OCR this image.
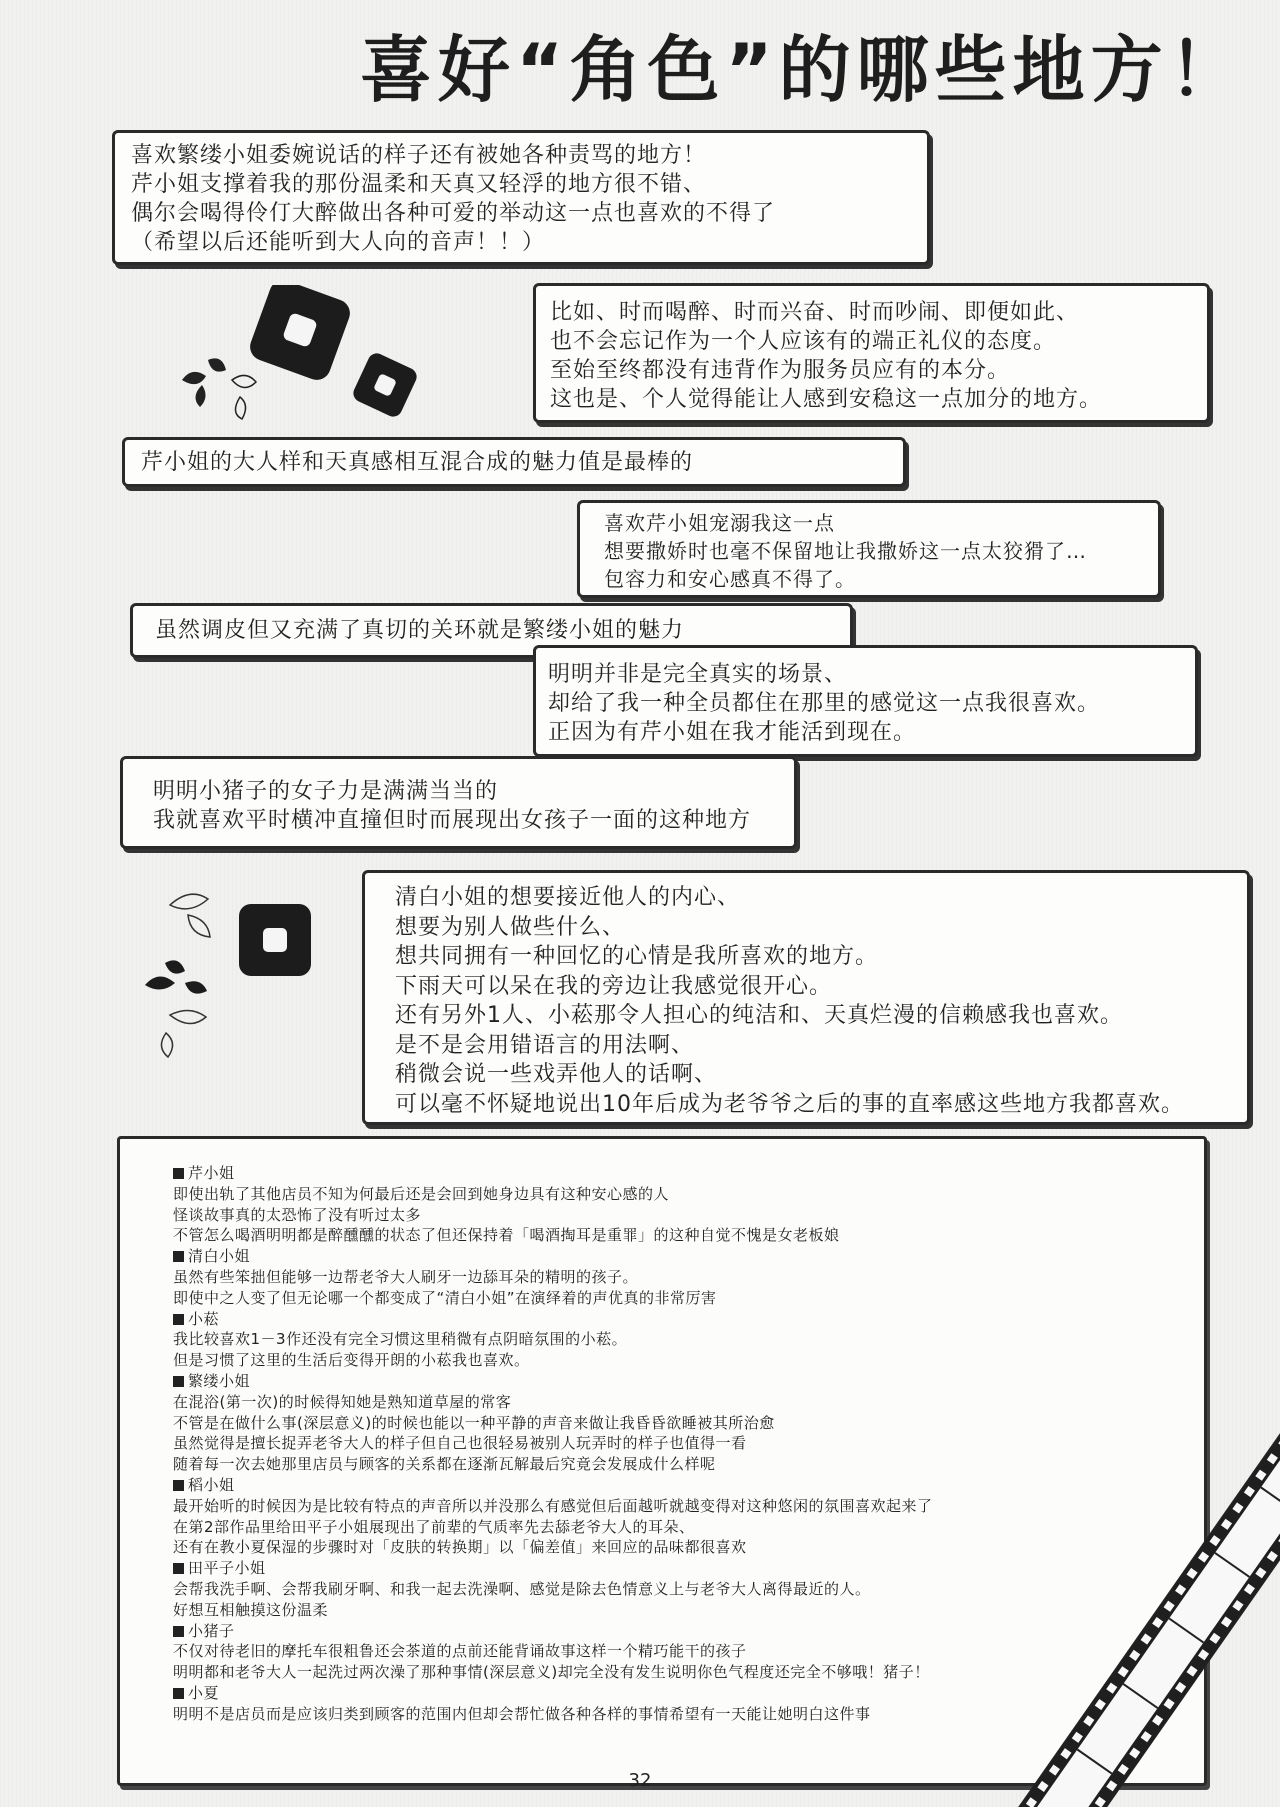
喜好“角色”的哪些地方！
喜欢繁缕小姐委婉说话的样子还有被她各种责骂的地方！
芹小姐支撑着我的那份温柔和天真又轻浮的地方很不错、
偶尔会喝得伶仃大醉做出各种可爱的举动这一点也喜欢的不得了
（希望以后还能听到大人向的音声！！）
比如、时而喝醉、时而兴奋、时而吵闹、即便如此、
也不会忘记作为一个人应该有的端正礼仪的态度。
至始至终都没有违背作为服务员应有的本分。
这也是、个人觉得能让人感到安稳这一点加分的地方。
芹小姐的大人样和天真感相互混合成的魅力值是最棒的
喜欢芹小姐宠溺我这一点
想要撒娇时也毫不保留地让我撒娇这一点太狡猾了…
包容力和安心感真不得了。
虽然调皮但又充满了真切的关环就是繁缕小姐的魅力
明明并非是完全真实的场景、
却给了我一种全员都住在那里的感觉这一点我很喜欢。
正因为有芹小姐在我才能活到现在。
明明小猪子的女子力是满满当当的
我就喜欢平时横冲直撞但时而展现出女孩子一面的这种地方
清白小姐的想要接近他人的内心、
想要为别人做些什么、
想共同拥有一种回忆的心情是我所喜欢的地方。
下雨天可以呆在我的旁边让我感觉很开心。
还有另外1人、小菘那令人担心的纯洁和、天真烂漫的信赖感我也喜欢。
是不是会用错语言的用法啊、
稍微会说一些戏弄他人的话啊、
可以毫不怀疑地说出10年后成为老爷爷之后的事的直率感这些地方我都喜欢。
芹小姐
即使出轨了其他店员不知为何最后还是会回到她身边具有这种安心感的人
怪谈故事真的太恐怖了没有听过太多
不管怎么喝酒明明都是醉醺醺的状态了但还保持着「喝酒掏耳是重罪」的这种自觉不愧是女老板娘
清白小姐
虽然有些笨拙但能够一边帮老爷大人刷牙一边舔耳朵的精明的孩子。
即使中之人变了但无论哪一个都变成了“清白小姐”在演绎着的声优真的非常厉害
小菘
我比较喜欢1－3作还没有完全习惯这里稍微有点阴暗氛围的小菘。
但是习惯了这里的生活后变得开朗的小菘我也喜欢。
繁缕小姐
在混浴(第一次)的时候得知她是熟知道草屋的常客
不管是在做什么事(深层意义)的时候也能以一种平静的声音来做让我昏昏欲睡被其所治愈
虽然觉得是擅长捉弄老爷大人的样子但自己也很轻易被别人玩弄时的样子也值得一看
随着每一次去她那里店员与顾客的关系都在逐渐瓦解最后究竟会发展成什么样呢
稻小姐
最开始听的时候因为是比较有特点的声音所以并没那么有感觉但后面越听就越变得对这种悠闲的氛围喜欢起来了
在第2部作品里给田平子小姐展现出了前辈的气质率先去舔老爷大人的耳朵、
还有在教小夏保湿的步骤时对「皮肤的转换期」以「偏差值」来回应的品味都很喜欢
田平子小姐
会帮我洗手啊、会帮我刷牙啊、和我一起去洗澡啊、感觉是除去色情意义上与老爷大人离得最近的人。
好想互相触摸这份温柔
小猪子
不仅对待老旧的摩托车很粗鲁还会茶道的点前还能背诵故事这样一个精巧能干的孩子
明明都和老爷大人一起洗过两次澡了那种事情(深层意义)却完全没有发生说明你色气程度还完全不够哦！猪子！
小夏
明明不是店员而是应该归类到顾客的范围内但却会帮忙做各种各样的事情希望有一天能让她明白这件事
32
